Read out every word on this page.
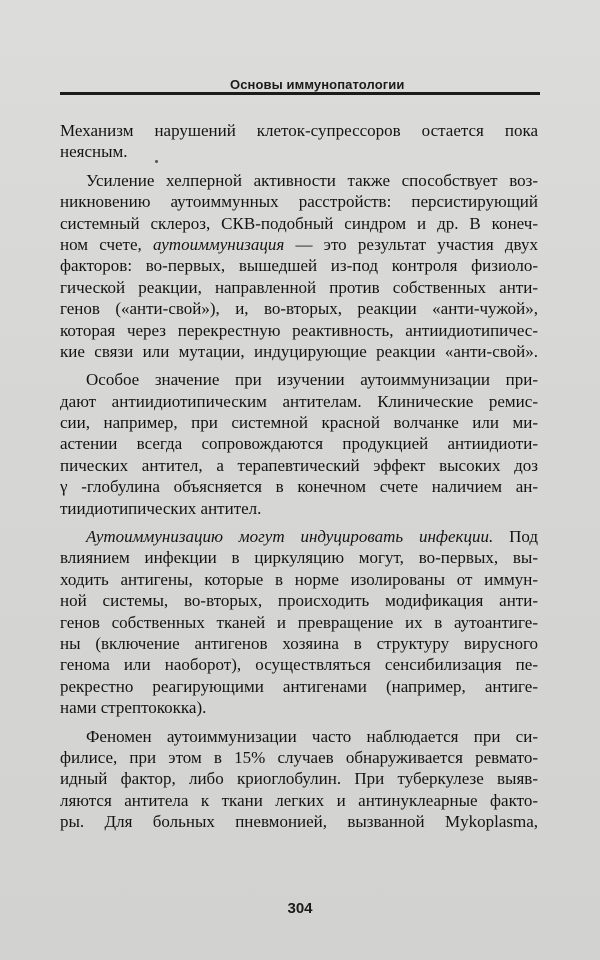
Основы иммунопатологии
Механизм нарушений клеток-супрессоров остается пока
неясным.
Усиление хелперной активности также способствует воз-
никновению аутоиммунных расстройств: персистирующий
системный склероз, СКВ-подобный синдром и др. В конеч-
ном счете, аутоиммунизация — это результат участия двух
факторов: во-первых, вышедшей из-под контроля физиоло-
гической реакции, направленной против собственных анти-
генов («анти-свой»), и, во-вторых, реакции «анти-чужой»,
которая через перекрестную реактивность, антиидиотипичес-
кие связи или мутации, индуцирующие реакции «анти-свой».
Особое значение при изучении аутоиммунизации при-
дают антиидиотипическим антителам. Клинические ремис-
сии, например, при системной красной волчанке или ми-
астении всегда сопровождаются продукцией антиидиоти-
пических антител, а терапевтический эффект высоких доз
γ -глобулина объясняется в конечном счете наличием ан-
тиидиотипических антител.
Аутоиммунизацию могут индуцировать инфекции. Под
влиянием инфекции в циркуляцию могут, во-первых, вы-
ходить антигены, которые в норме изолированы от иммун-
ной системы, во-вторых, происходить модификация анти-
генов собственных тканей и превращение их в аутоантиге-
ны (включение антигенов хозяина в структуру вирусного
генома или наоборот), осуществляться сенсибилизация пе-
рекрестно реагирующими антигенами (например, антиге-
нами стрептококка).
Феномен аутоиммунизации часто наблюдается при си-
филисе, при этом в 15% случаев обнаруживается ревмато-
идный фактор, либо криоглобулин. При туберкулезе выяв-
ляются антитела к ткани легких и антинуклеарные факто-
ры. Для больных пневмонией, вызванной Mykoplasma,
304
